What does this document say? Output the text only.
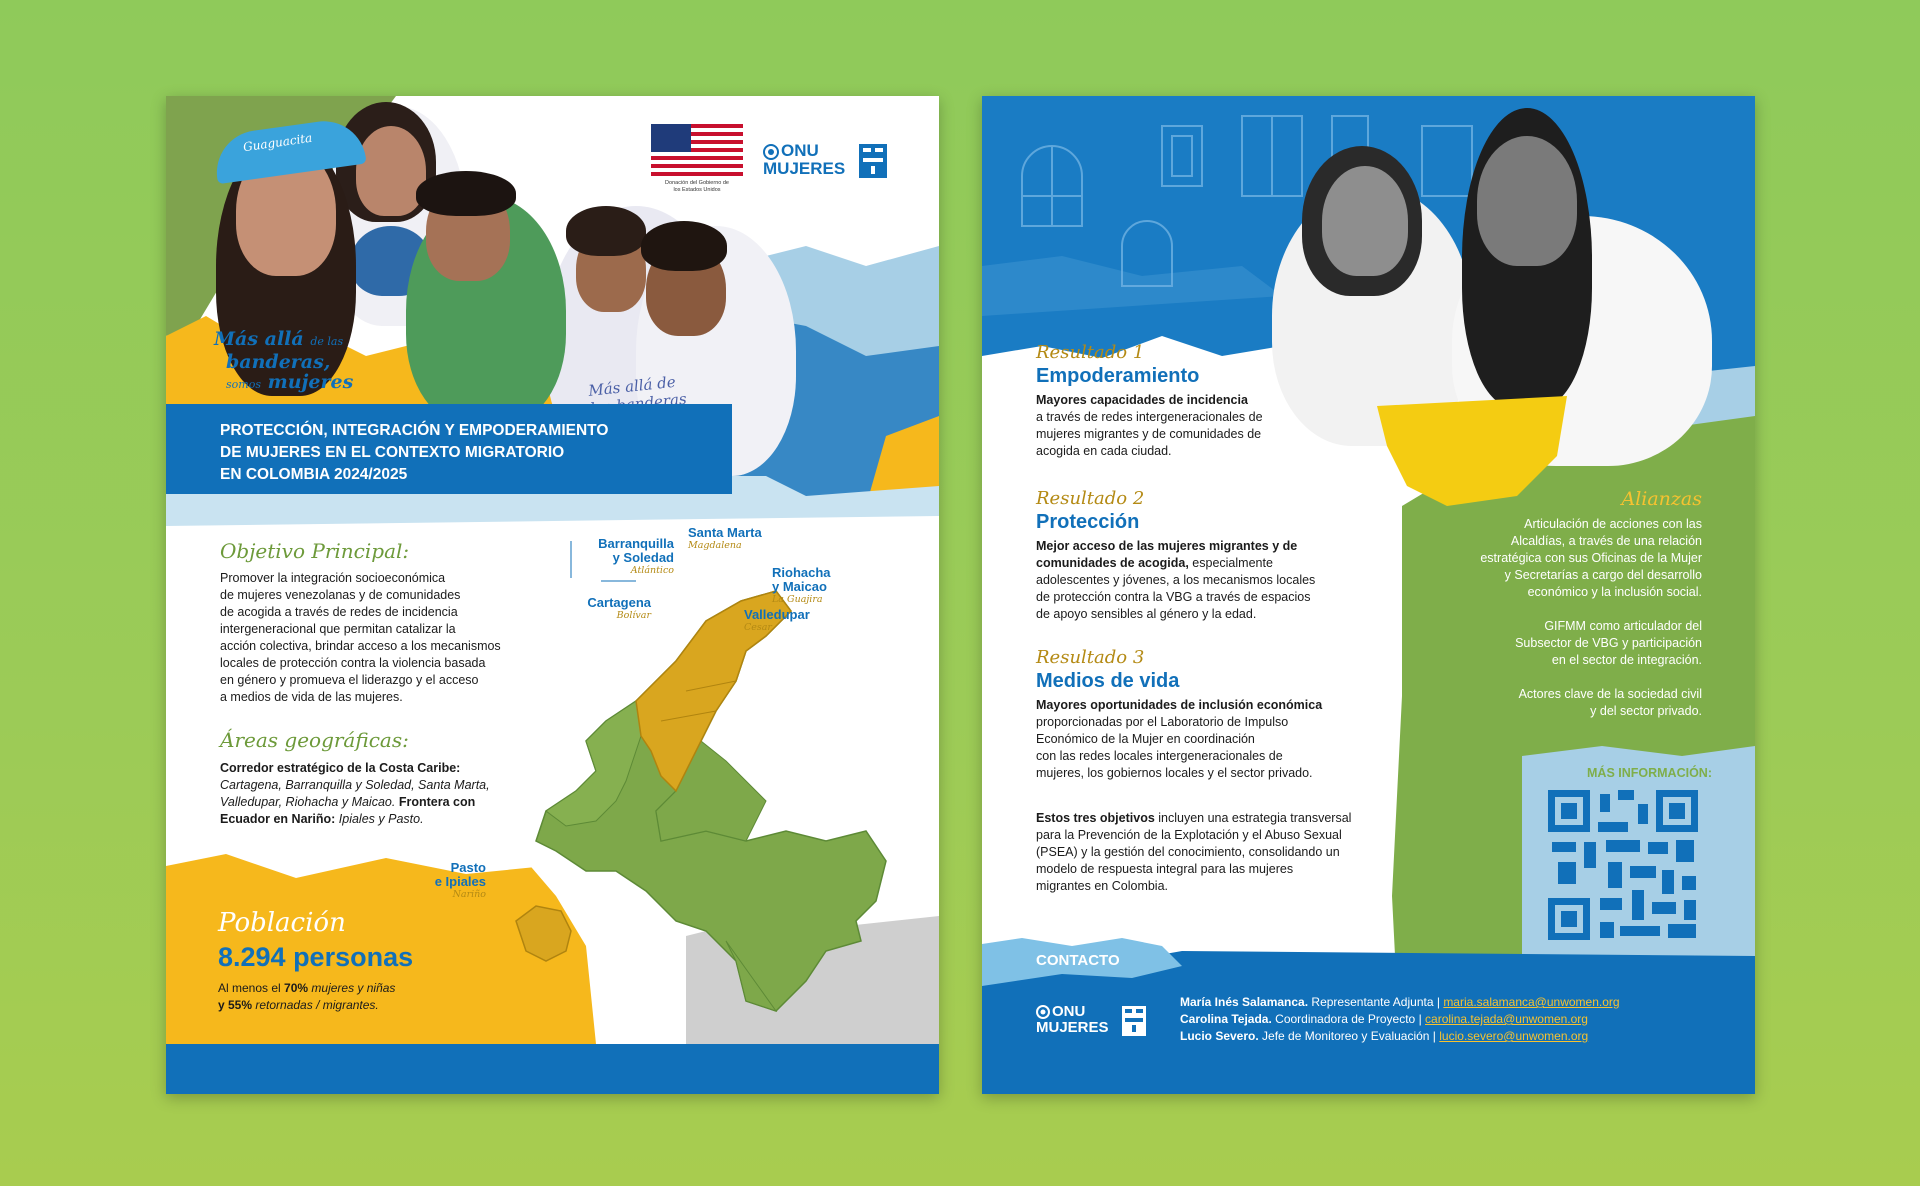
Más allá de banderas
Guaguacita
Donación del Gobierno de los Estados Unidos
ONU
MUJERES
Más allá de las
banderas,
somos mujeres
PROTECCIÓN, INTEGRACIÓN Y EMPODERAMIENTO
DE MUJERES EN EL CONTEXTO MIGRATORIO
EN COLOMBIA 2024/2025
Objetivo Principal:
Promover la integración socioeconómica
de mujeres venezolanas y de comunidades
de acogida a través de redes de incidencia
intergeneracional que permitan catalizar la
acción colectiva, brindar acceso a los mecanismos
locales de protección contra la violencia basada
en género y promueva el liderazgo y el acceso
a medios de vida de las mujeres.
Áreas geográficas:
Corredor estratégico de la Costa Caribe:
Cartagena, Barranquilla y Soledad, Santa Marta,
Valledupar, Riohacha y Maicao. Frontera con
Ecuador en Nariño: Ipiales y Pasto.
Barranquilla
y Soledad
Atlántico
Santa Marta
Magdalena
Riohacha
y Maicao
La Guajira
Cartagena
Bolívar	Valledupar
Cesar
Pasto
e Ipiales
Nariño
Población
8.294 personas
Al menos el 70% mujeres y niñas
y 55% retornadas / migrantes.
Resultado 1
Empoderamiento
Mayores capacidades de incidencia
a través de redes intergeneracionales de
mujeres migrantes y de comunidades de
acogida en cada ciudad.
Resultado 2
Protección
Mejor acceso de las mujeres migrantes y de
comunidades de acogida, especialmente
adolescentes y jóvenes, a los mecanismos locales
de protección contra la VBG a través de espacios
de apoyo sensibles al género y la edad.
Resultado 3
Medios de vida
Mayores oportunidades de inclusión económica
proporcionadas por el Laboratorio de Impulso
Económico de la Mujer en coordinación
con las redes locales intergeneracionales de
mujeres, los gobiernos locales y el sector privado.
Estos tres objetivos incluyen una estrategia transversal
para la Prevención de la Explotación y el Abuso Sexual
(PSEA) y la gestión del conocimiento, consolidando un
modelo de respuesta integral para las mujeres
migrantes en Colombia.
Alianzas
Articulación de acciones con las
Alcaldías, a través de una relación
estratégica con sus Oficinas de la Mujer
y Secretarías a cargo del desarrollo
económico y la inclusión social.
GIFMM como articulador del
Subsector de VBG y participación
en el sector de integración.
Actores clave de la sociedad civil
y del sector privado.
MÁS INFORMACIÓN:
CONTACTO
ONU
MUJERES
María Inés Salamanca. Representante Adjunta | maria.salamanca@unwomen.org
Carolina Tejada. Coordinadora de Proyecto | carolina.tejada@unwomen.org
Lucio Severo. Jefe de Monitoreo y Evaluación | lucio.severo@unwomen.org
